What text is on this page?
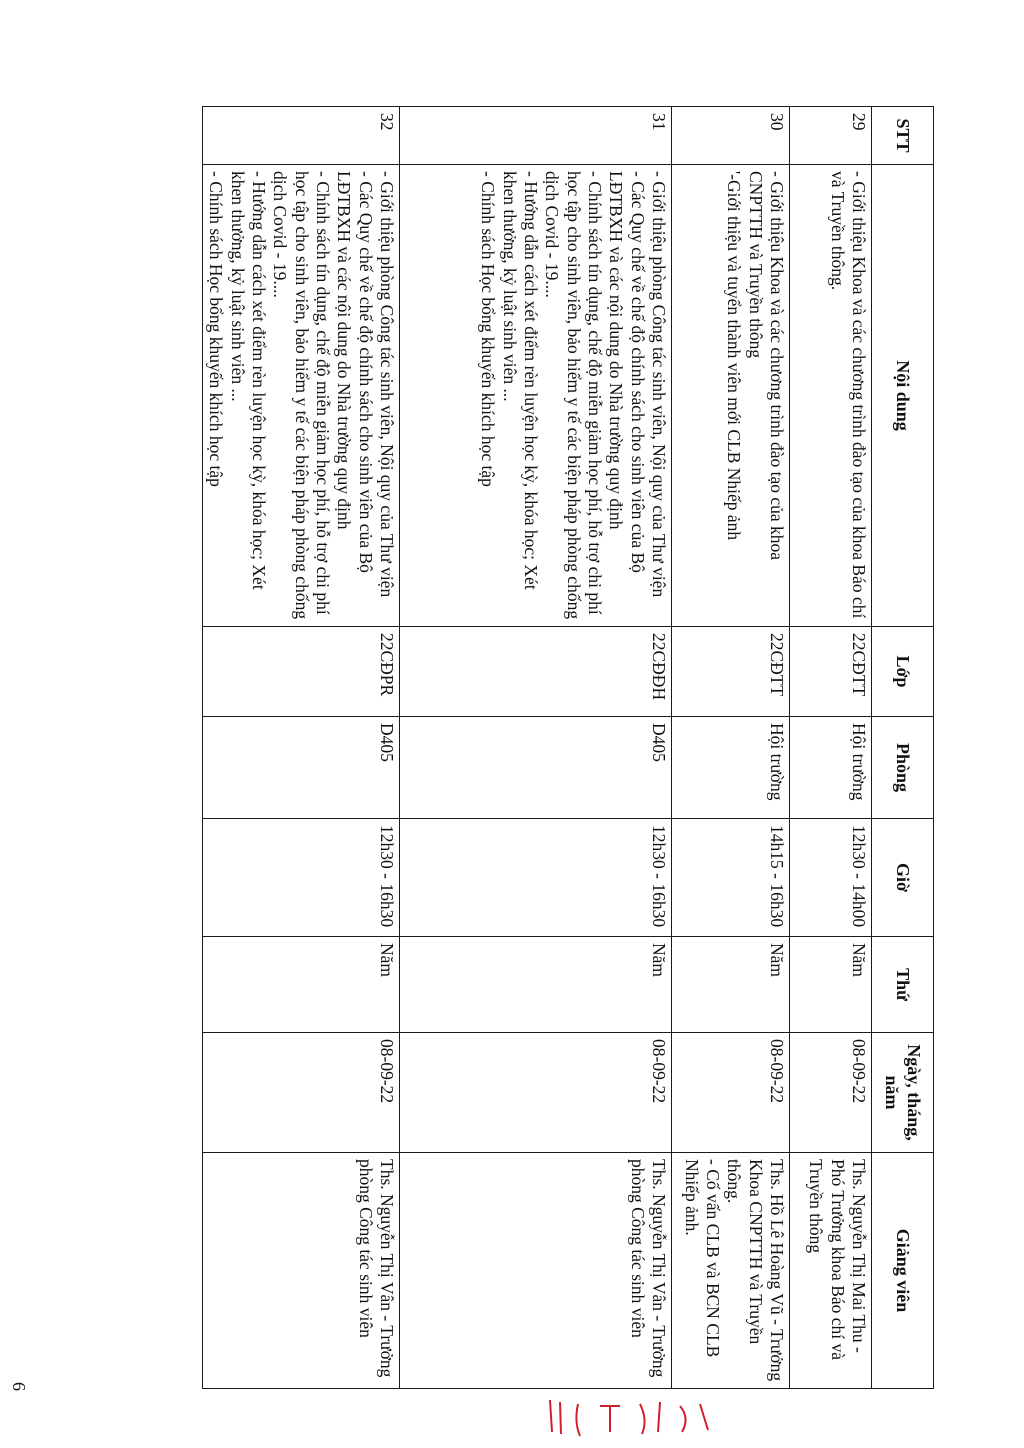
STT	Nội dung	Lớp	Phòng	Giờ	Thứ	Ngày, tháng, năm	Giảng viên
29	- Giới thiệu Khoa và các chương trình đào tạo của khoa Báo chí và Truyền thông.	22CĐTT	Hội trường	12h30 - 14h00	Năm	08-09-22	Ths. Nguyễn Thị Mai Thu - Phó Trưởng khoa Báo chí và Truyền thông

30	- Giới thiệu Khoa và các chương trình đào tạo của khoa CNPTTH và Truyền thông
'-Giới thiệu và tuyển thành viên mới CLB Nhiếp ảnh	22CĐTT	Hội trường	14h15 - 16h30	Năm	08-09-22	Ths. Hồ Lê Hoàng Vũ - Trưởng Khoa CNPTTH và Truyền thông.
- Cố vấn CLB và BCN CLB Nhiếp ảnh.

31	- Giới thiệu phòng Công tác sinh viên, Nội quy của Thư viện
- Các Quy chế về chế độ chính sách cho sinh viên của Bộ LĐTBXH và các nội dung do Nhà trường quy định
- Chính sách tín dụng, chế độ miễn giảm học phí, hỗ trợ chi phí học tập cho sinh viên, bảo hiểm y tế các biện pháp phòng chống dịch Covid - 19....
- Hướng dẫn cách xét điểm rèn luyện học kỳ, khóa học; Xét khen thưởng, kỷ luật sinh viên ...
- Chính sách Học bổng khuyến khích học tập	22CĐĐH	D405	12h30 - 16h30	Năm	08-09-22	Ths. Nguyễn Thị Vân - Trưởng phòng Công tác sinh viên

32	- Giới thiệu phòng Công tác sinh viên, Nội quy của Thư viện
- Các Quy chế về chế độ chính sách cho sinh viên của Bộ LĐTBXH và các nội dung do Nhà trường quy định
- Chính sách tín dụng, chế độ miễn giảm học phí, hỗ trợ chi phí học tập cho sinh viên, bảo hiểm y tế các biện pháp phòng chống dịch Covid - 19....
- Hướng dẫn cách xét điểm rèn luyện học kỳ, khóa học; Xét khen thưởng, kỷ luật sinh viên ...
- Chính sách Học bổng khuyến khích học tập	22CĐPR	D405	12h30 - 16h30	Năm	08-09-22	Ths. Nguyễn Thị Vân - Trưởng phòng Công tác sinh viên
6
